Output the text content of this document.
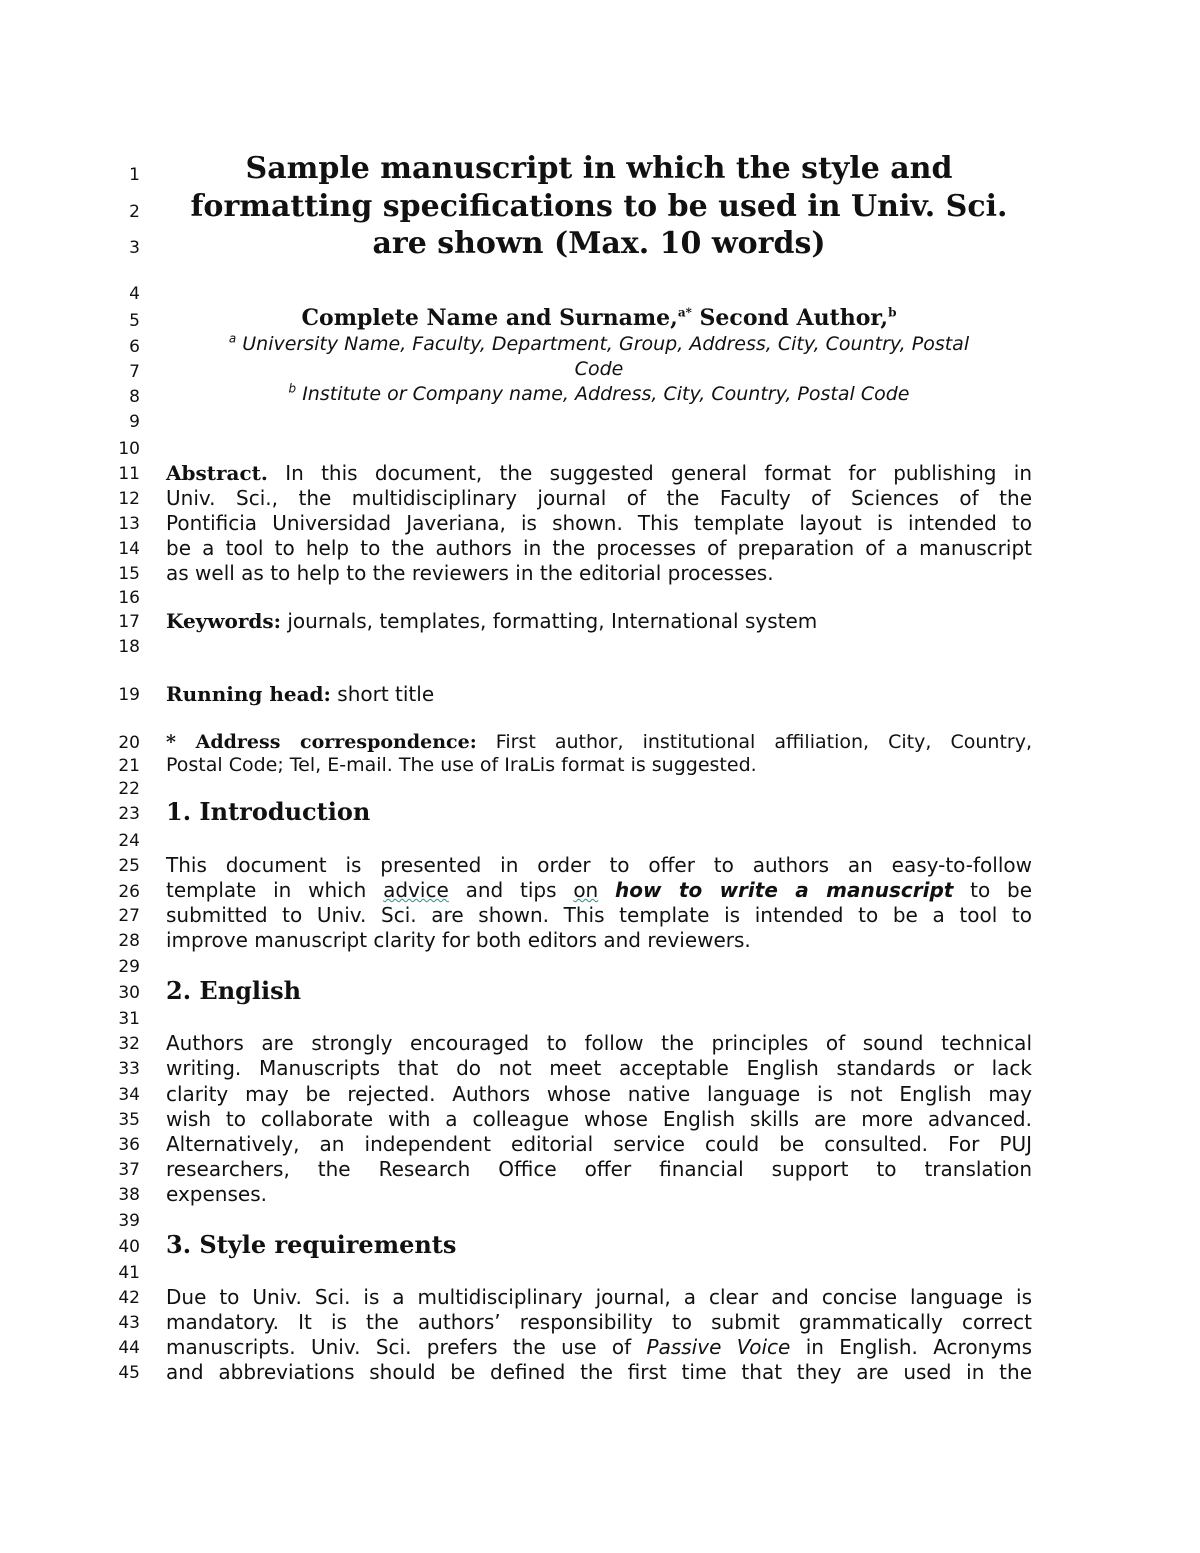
1
2
3
4
5
6
7
8
9
10
11
12
13
14
15
16
17
18
19
20
21
22
23
24
25
26
27
28
29
30
31
32
33
34
35
36
37
38
39
40
41
42
43
44
45
Sample manuscript in which the style and
formatting specifications to be used in Univ. Sci.
are shown (Max. 10 words)
Complete Name and Surname,$^{a*}$ Second Author,$^b$
$^a$ University Name, Faculty, Department, Group, Address, City, Country, Postal
Code
$^b$ Institute or Company name, Address, City, Country, Postal Code
Abstract. In this document, the suggested general format for publishing in
Univ. Sci., the multidisciplinary journal of the Faculty of Sciences of the
Pontificia Universidad Javeriana, is shown. This template layout is intended to
be a tool to help to the authors in the processes of preparation of a manuscript
as well as to help to the reviewers in the editorial processes.
Keywords: journals, templates, formatting, International system
Running head: short title
* Address correspondence: First author, institutional affiliation, City, Country,
Postal Code; Tel, E-mail. The use of IraLis format is suggested.
1. Introduction
This document is presented in order to offer to authors an easy-to-follow
template in which advice and tips on how to write a manuscript to be
submitted to Univ. Sci. are shown. This template is intended to be a tool to
improve manuscript clarity for both editors and reviewers.
2. English
Authors are strongly encouraged to follow the principles of sound technical
writing. Manuscripts that do not meet acceptable English standards or lack
clarity may be rejected. Authors whose native language is not English may
wish to collaborate with a colleague whose English skills are more advanced.
Alternatively, an independent editorial service could be consulted. For PUJ
researchers, the Research Office offer financial support to translation
expenses.
3. Style requirements
Due to Univ. Sci. is a multidisciplinary journal, a clear and concise language is
mandatory. It is the authors’ responsibility to submit grammatically correct
manuscripts. Univ. Sci. prefers the use of Passive Voice in English. Acronyms
and abbreviations should be defined the first time that they are used in the
